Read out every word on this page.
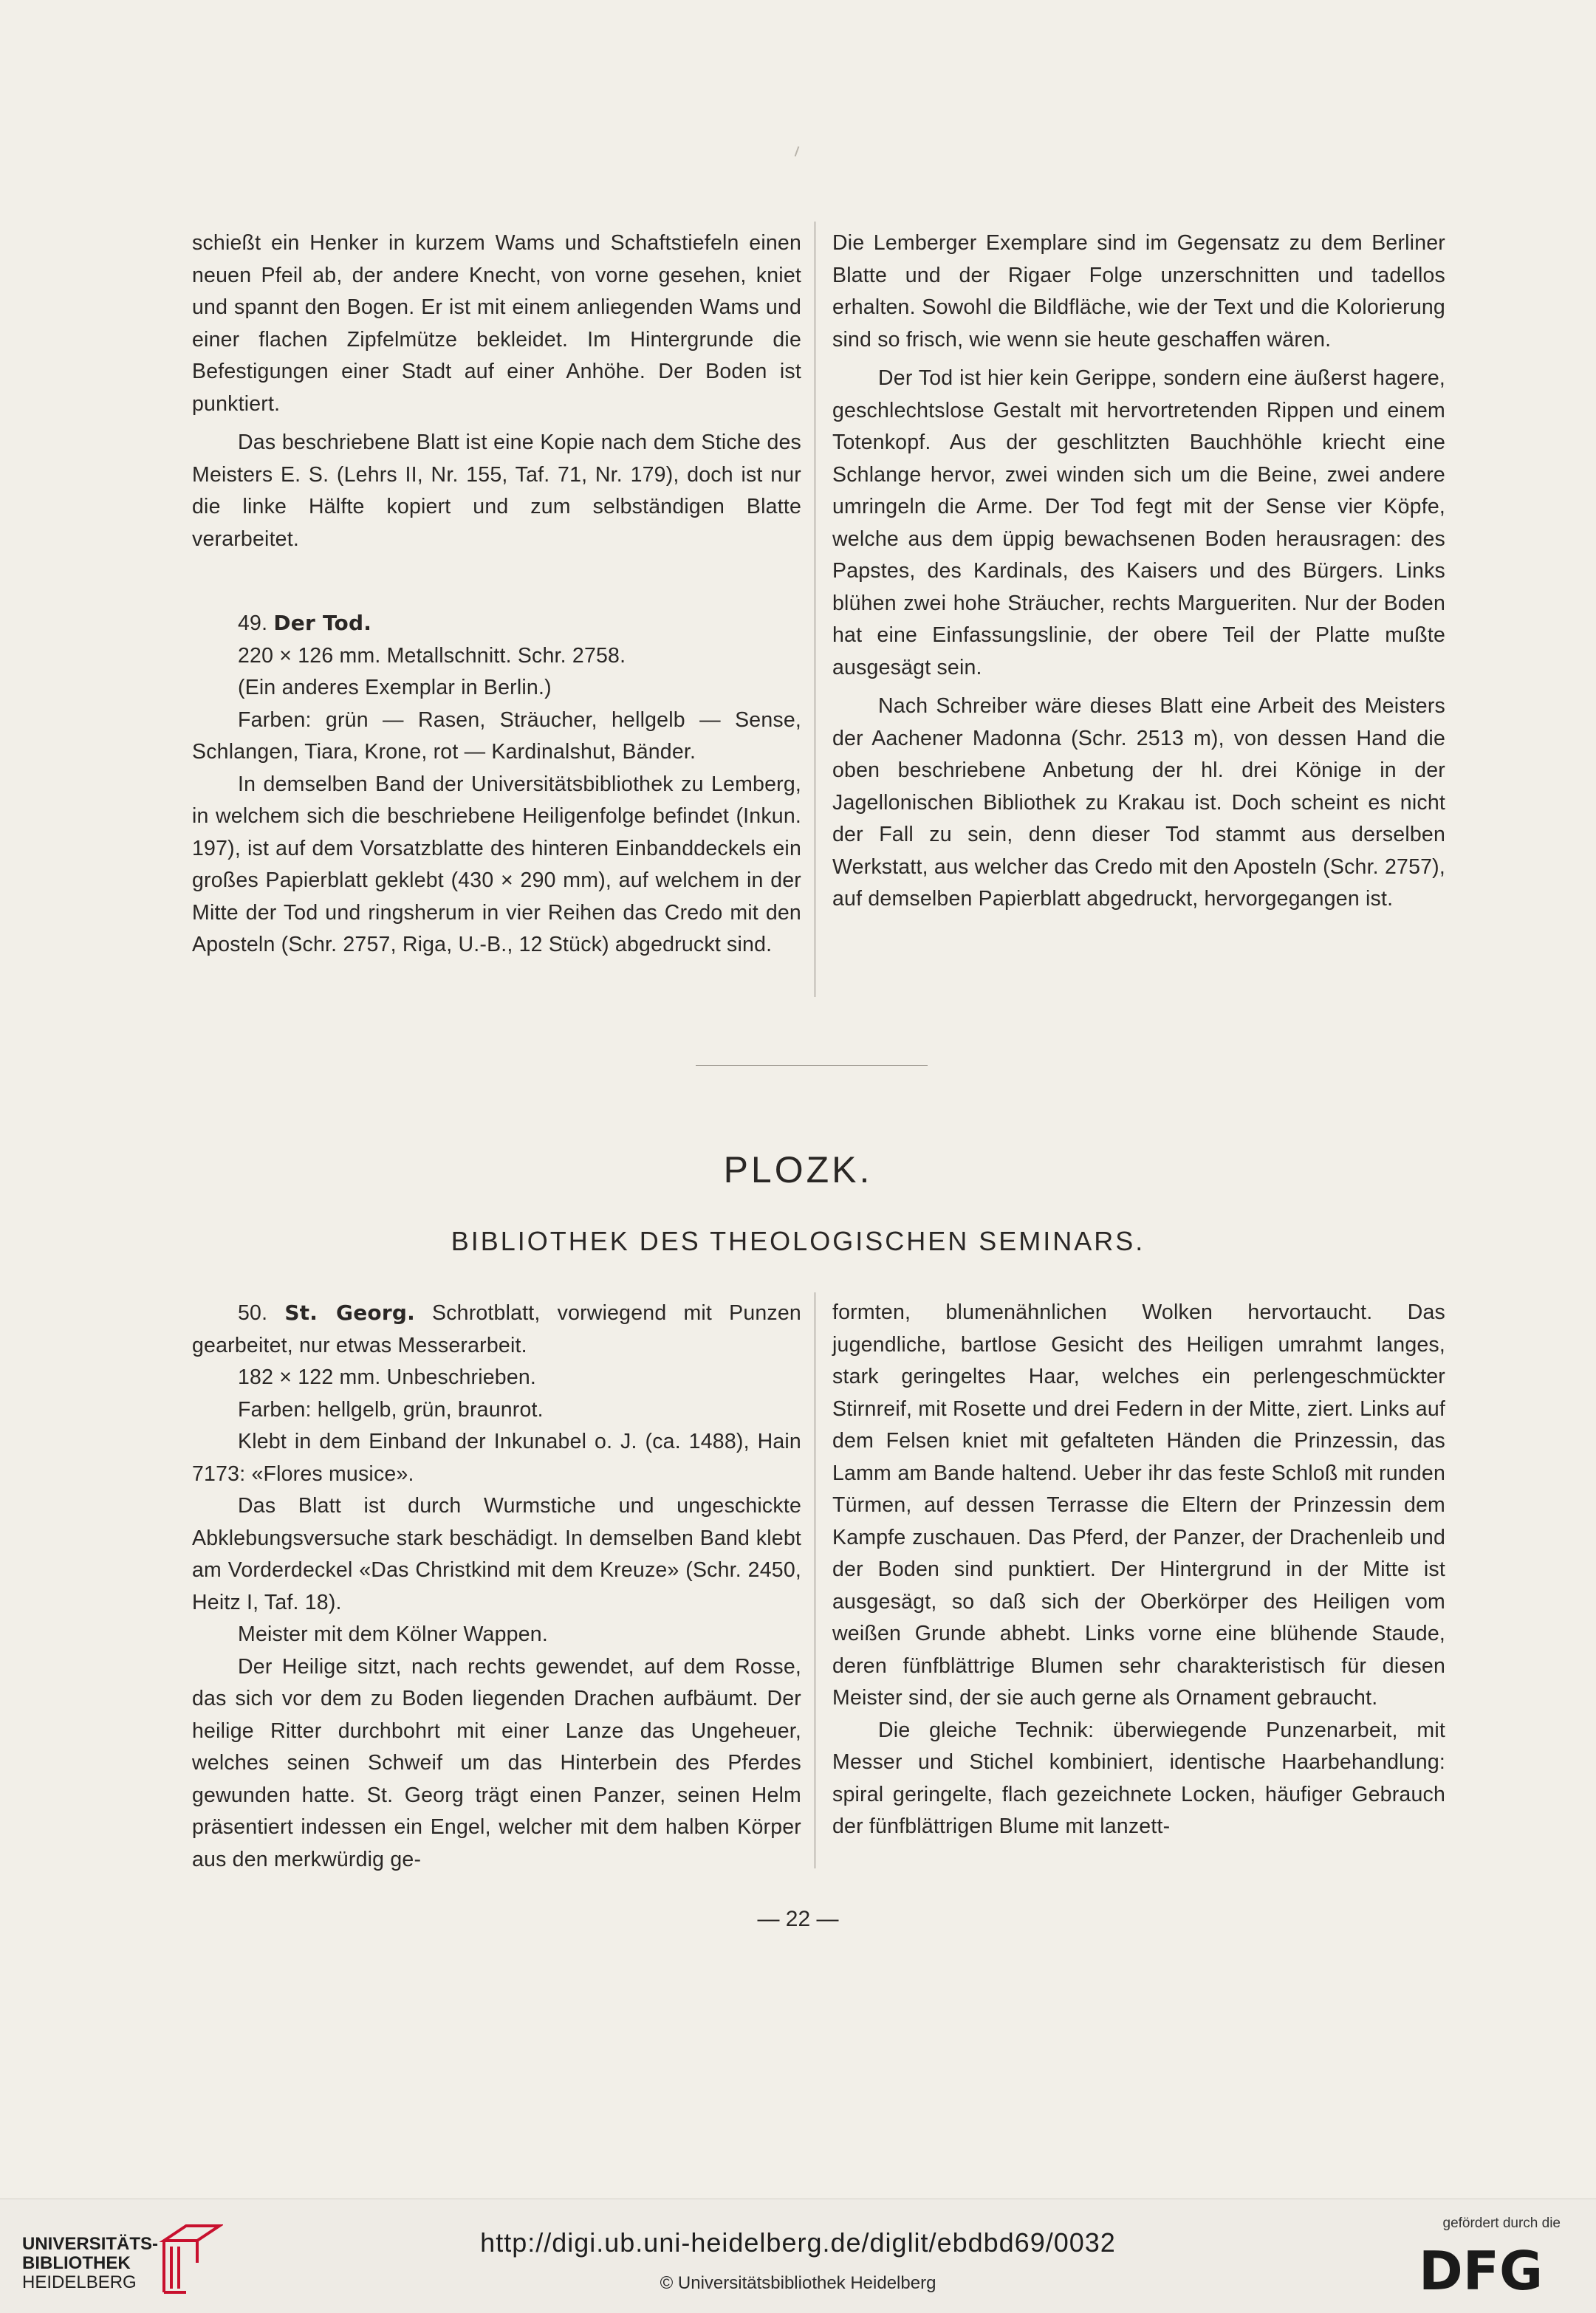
schießt ein Henker in kurzem Wams und Schaftstiefeln einen neuen Pfeil ab, der andere Knecht, von vorne gesehen, kniet und spannt den Bogen. Er ist mit einem anliegenden Wams und einer flachen Zipfelmütze bekleidet. Im Hintergrunde die Befestigungen einer Stadt auf einer Anhöhe. Der Boden ist punktiert.

Das beschriebene Blatt ist eine Kopie nach dem Stiche des Meisters E. S. (Lehrs II, Nr. 155, Taf. 71, Nr. 179), doch ist nur die linke Hälfte kopiert und zum selbständigen Blatte verarbeitet.

49. Der Tod.

220 × 126 mm. Metallschnitt. Schr. 2758.

(Ein anderes Exemplar in Berlin.)

Farben: grün — Rasen, Sträucher, hellgelb — Sense, Schlangen, Tiara, Krone, rot — Kardinalshut, Bänder.

In demselben Band der Universitätsbibliothek zu Lemberg, in welchem sich die beschriebene Heiligenfolge befindet (Inkun. 197), ist auf dem Vorsatzblatte des hinteren Einbanddeckels ein großes Papierblatt geklebt (430 × 290 mm), auf welchem in der Mitte der Tod und ringsherum in vier Reihen das Credo mit den Aposteln (Schr. 2757, Riga, U.-B., 12 Stück) abgedruckt sind.

Die Lemberger Exemplare sind im Gegensatz zu dem Berliner Blatte und der Rigaer Folge unzerschnitten und tadellos erhalten. Sowohl die Bildfläche, wie der Text und die Kolorierung sind so frisch, wie wenn sie heute geschaffen wären.

Der Tod ist hier kein Gerippe, sondern eine äußerst hagere, geschlechtslose Gestalt mit hervortretenden Rippen und einem Totenkopf. Aus der geschlitzten Bauchhöhle kriecht eine Schlange hervor, zwei winden sich um die Beine, zwei andere umringeln die Arme. Der Tod fegt mit der Sense vier Köpfe, welche aus dem üppig bewachsenen Boden herausragen: des Papstes, des Kardinals, des Kaisers und des Bürgers. Links blühen zwei hohe Sträucher, rechts Margueriten. Nur der Boden hat eine Einfassungslinie, der obere Teil der Platte mußte ausgesägt sein.

Nach Schreiber wäre dieses Blatt eine Arbeit des Meisters der Aachener Madonna (Schr. 2513 m), von dessen Hand die oben beschriebene Anbetung der hl. drei Könige in der Jagellonischen Bibliothek zu Krakau ist. Doch scheint es nicht der Fall zu sein, denn dieser Tod stammt aus derselben Werkstatt, aus welcher das Credo mit den Aposteln (Schr. 2757), auf demselben Papierblatt abgedruckt, hervorgegangen ist.

PLOZK.
BIBLIOTHEK DES THEOLOGISCHEN SEMINARS.

50. St. Georg. Schrotblatt, vorwiegend mit Punzen gearbeitet, nur etwas Messerarbeit.

182 × 122 mm. Unbeschrieben.

Farben: hellgelb, grün, braunrot.

Klebt in dem Einband der Inkunabel o. J. (ca. 1488), Hain 7173: «Flores musice».

Das Blatt ist durch Wurmstiche und ungeschickte Abklebungsversuche stark beschädigt. In demselben Band klebt am Vorderdeckel «Das Christkind mit dem Kreuze» (Schr. 2450, Heitz I, Taf. 18).

Meister mit dem Kölner Wappen.

Der Heilige sitzt, nach rechts gewendet, auf dem Rosse, das sich vor dem zu Boden liegenden Drachen aufbäumt. Der heilige Ritter durchbohrt mit einer Lanze das Ungeheuer, welches seinen Schweif um das Hinterbein des Pferdes gewunden hatte. St. Georg trägt einen Panzer, seinen Helm präsentiert indessen ein Engel, welcher mit dem halben Körper aus den merkwürdig ge-

formten, blumenähnlichen Wolken hervortaucht. Das jugendliche, bartlose Gesicht des Heiligen umrahmt langes, stark geringeltes Haar, welches ein perlengeschmückter Stirnreif, mit Rosette und drei Federn in der Mitte, ziert. Links auf dem Felsen kniet mit gefalteten Händen die Prinzessin, das Lamm am Bande haltend. Ueber ihr das feste Schloß mit runden Türmen, auf dessen Terrasse die Eltern der Prinzessin dem Kampfe zuschauen. Das Pferd, der Panzer, der Drachenleib und der Boden sind punktiert. Der Hintergrund in der Mitte ist ausgesägt, so daß sich der Oberkörper des Heiligen vom weißen Grunde abhebt. Links vorne eine blühende Staude, deren fünfblättrige Blumen sehr charakteristisch für diesen Meister sind, der sie auch gerne als Ornament gebraucht.

Die gleiche Technik: überwiegende Punzenarbeit, mit Messer und Stichel kombiniert, identische Haarbehandlung: spiral geringelte, flach gezeichnete Locken, häufiger Gebrauch der fünfblättrigen Blume mit lanzett-

— 22 —
UNIVERSITÄTS-
BIBLIOTHEK
HEIDELBERG
http://digi.ub.uni-heidelberg.de/diglit/ebdbd69/0032
© Universitätsbibliothek Heidelberg
gefördert durch die
DFG
